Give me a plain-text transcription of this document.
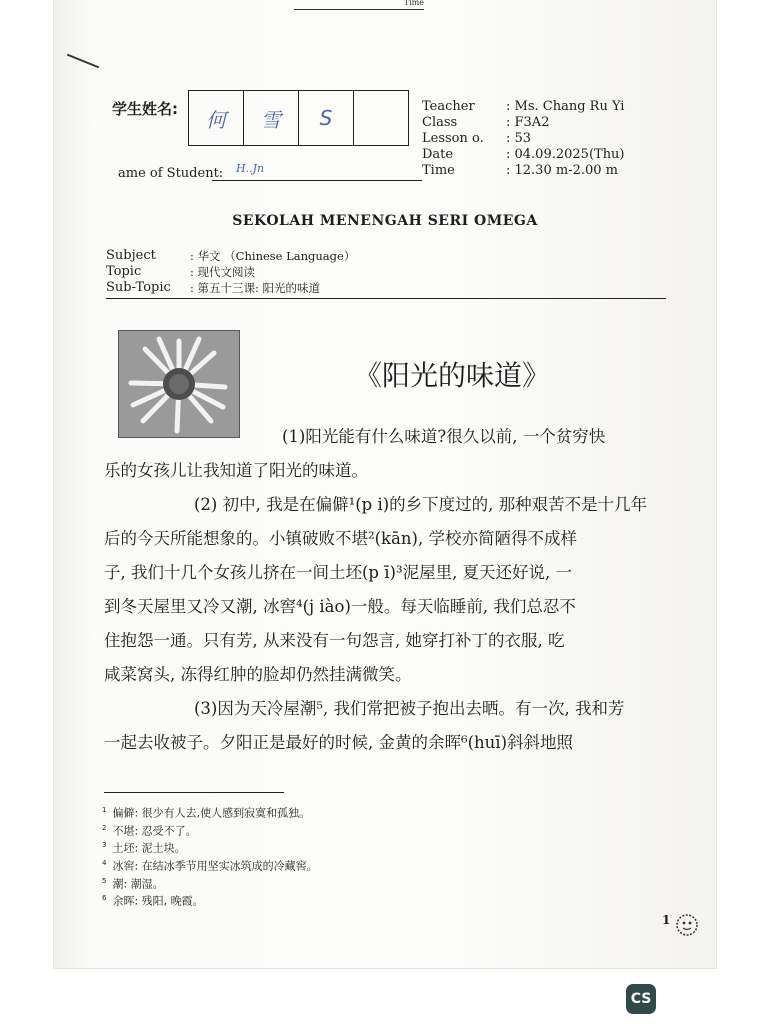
Time
学生姓名:	何	雪	S
ame of Student: H..Jn
Teacher	: Ms. Chang Ru Yi
Class	: F3A2
Lesson o.	: 53
Date	: 04.09.2025(Thu)
Time	: 12.30 m-2.00 m
SEKOLAH MENENGAH SERI OMEGA
Subject	: 华文 （Chinese Language）
Topic	: 现代文阅读
Sub-Topic	: 第五十三课: 阳光的味道
《阳光的味道》
(1)阳光能有什么味道?很久以前, 一个贫穷快
乐的女孩儿让我知道了阳光的味道。
(2) 初中, 我是在偏僻¹(p i)的乡下度过的, 那种艰苦不是十几年
后的今天所能想象的。小镇破败不堪²(kān), 学校亦简陋得不成样
子, 我们十几个女孩儿挤在一间土坯(p ī)³泥屋里, 夏天还好说, 一
到冬天屋里又冷又潮, 冰窖⁴(j iào)一般。每天临睡前, 我们总忍不
住抱怨一通。只有芳, 从来没有一句怨言, 她穿打补丁的衣服, 吃
咸菜窝头, 冻得红肿的脸却仍然挂满微笑。
(3)因为天冷屋潮⁵, 我们常把被子抱出去晒。有一次, 我和芳
一起去收被子。夕阳正是最好的时候, 金黄的余晖⁶(huī)斜斜地照
$^1$ 偏僻: 很少有人去,使人感到寂寞和孤独。
$^2$ 不堪: 忍受不了。
$^3$ 土坯: 泥土块。
$^4$ 冰窖: 在结冰季节用坚实冰筑成的冷藏窖。
$^5$ 潮: 潮湿。
$^6$ 余晖: 残阳, 晚霞。
1
CS
